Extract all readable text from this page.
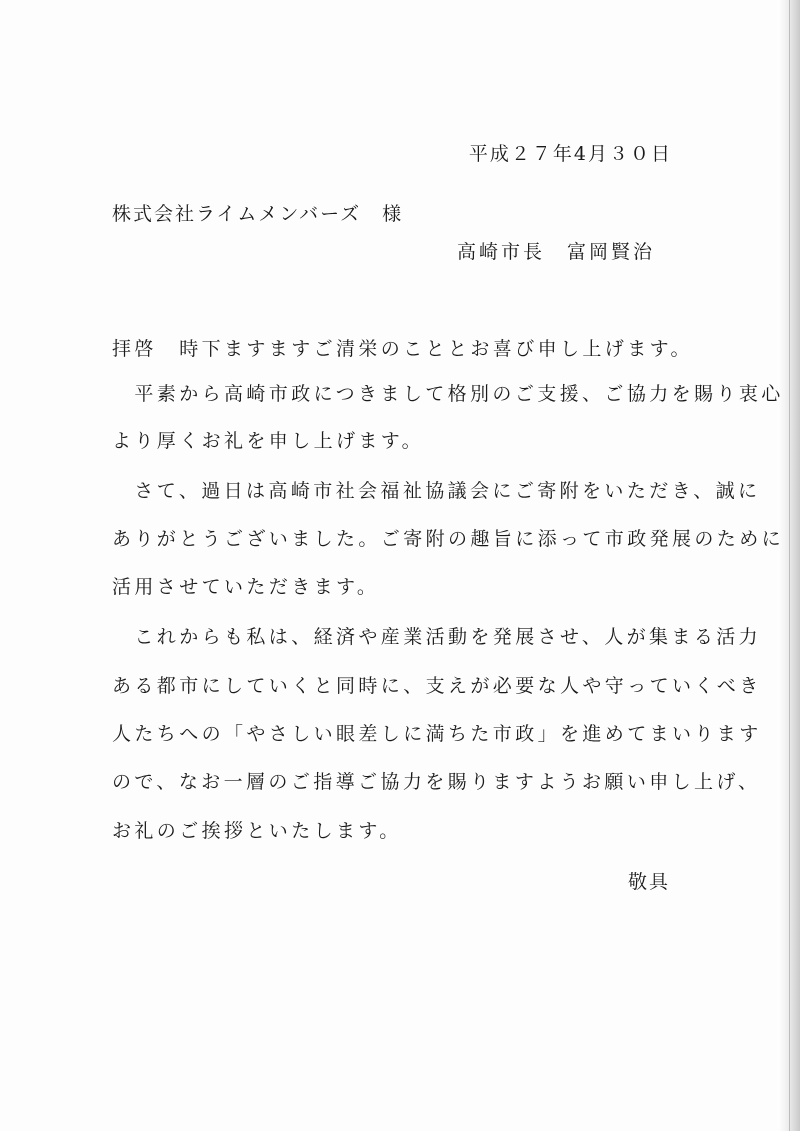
平成２７年4月３０日
株式会社ライムメンバーズ　様
高崎市長　富岡賢治
拝啓　時下ますますご清栄のこととお喜び申し上げます。
　平素から高崎市政につきまして格別のご支援、ご協力を賜り衷心
より厚くお礼を申し上げます。
　さて、過日は高崎市社会福祉協議会にご寄附をいただき、誠に
ありがとうございました。ご寄附の趣旨に添って市政発展のために
活用させていただきます。
　これからも私は、経済や産業活動を発展させ、人が集まる活力
ある都市にしていくと同時に、支えが必要な人や守っていくべき
人たちへの「やさしい眼差しに満ちた市政」を進めてまいります
ので、なお一層のご指導ご協力を賜りますようお願い申し上げ、
お礼のご挨拶といたします。
敬具
